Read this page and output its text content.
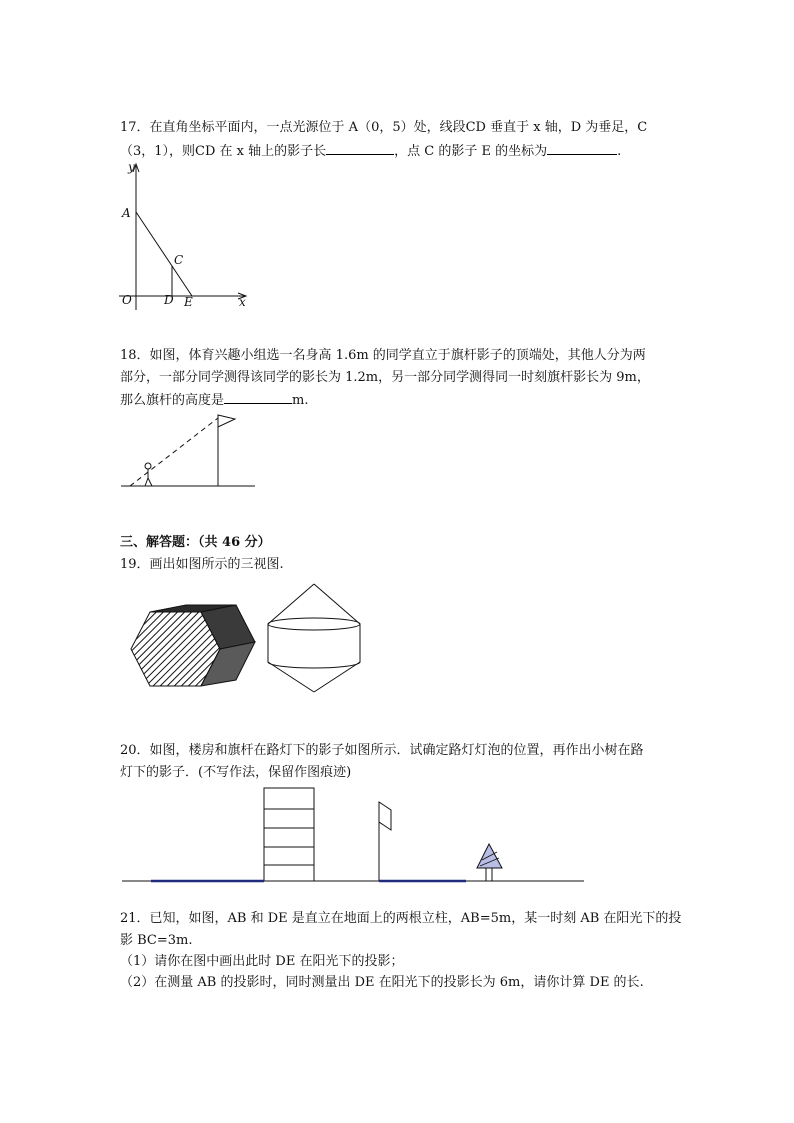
17．在直角坐标平面内，一点光源位于 A（0，5）处，线段CD 垂直于 x 轴，D 为垂足，C
（3，1），则CD 在 x 轴上的影子长	，点 C 的影子 E 的坐标为	.
y
x
A
C
O	D E
18．如图，体育兴趣小组选一名身高 1.6m 的同学直立于旗杆影子的顶端处，其他人分为两
部分，一部分同学测得该同学的影长为 1.2m，另一部分同学测得同一时刻旗杆影长为 9m，
那么旗杆的高度是	m.
三、解答题：（共 46 分）
19．画出如图所示的三视图.
20．如图，楼房和旗杆在路灯下的影子如图所示．试确定路灯灯泡的位置，再作出小树在路
灯下的影子．(不写作法，保留作图痕迹)
21．已知，如图，AB 和 DE 是直立在地面上的两根立柱，AB=5m，某一时刻 AB 在阳光下的投
影 BC=3m.
（1）请你在图中画出此时 DE 在阳光下的投影；
（2）在测量 AB 的投影时，同时测量出 DE 在阳光下的投影长为 6m，请你计算 DE 的长.
